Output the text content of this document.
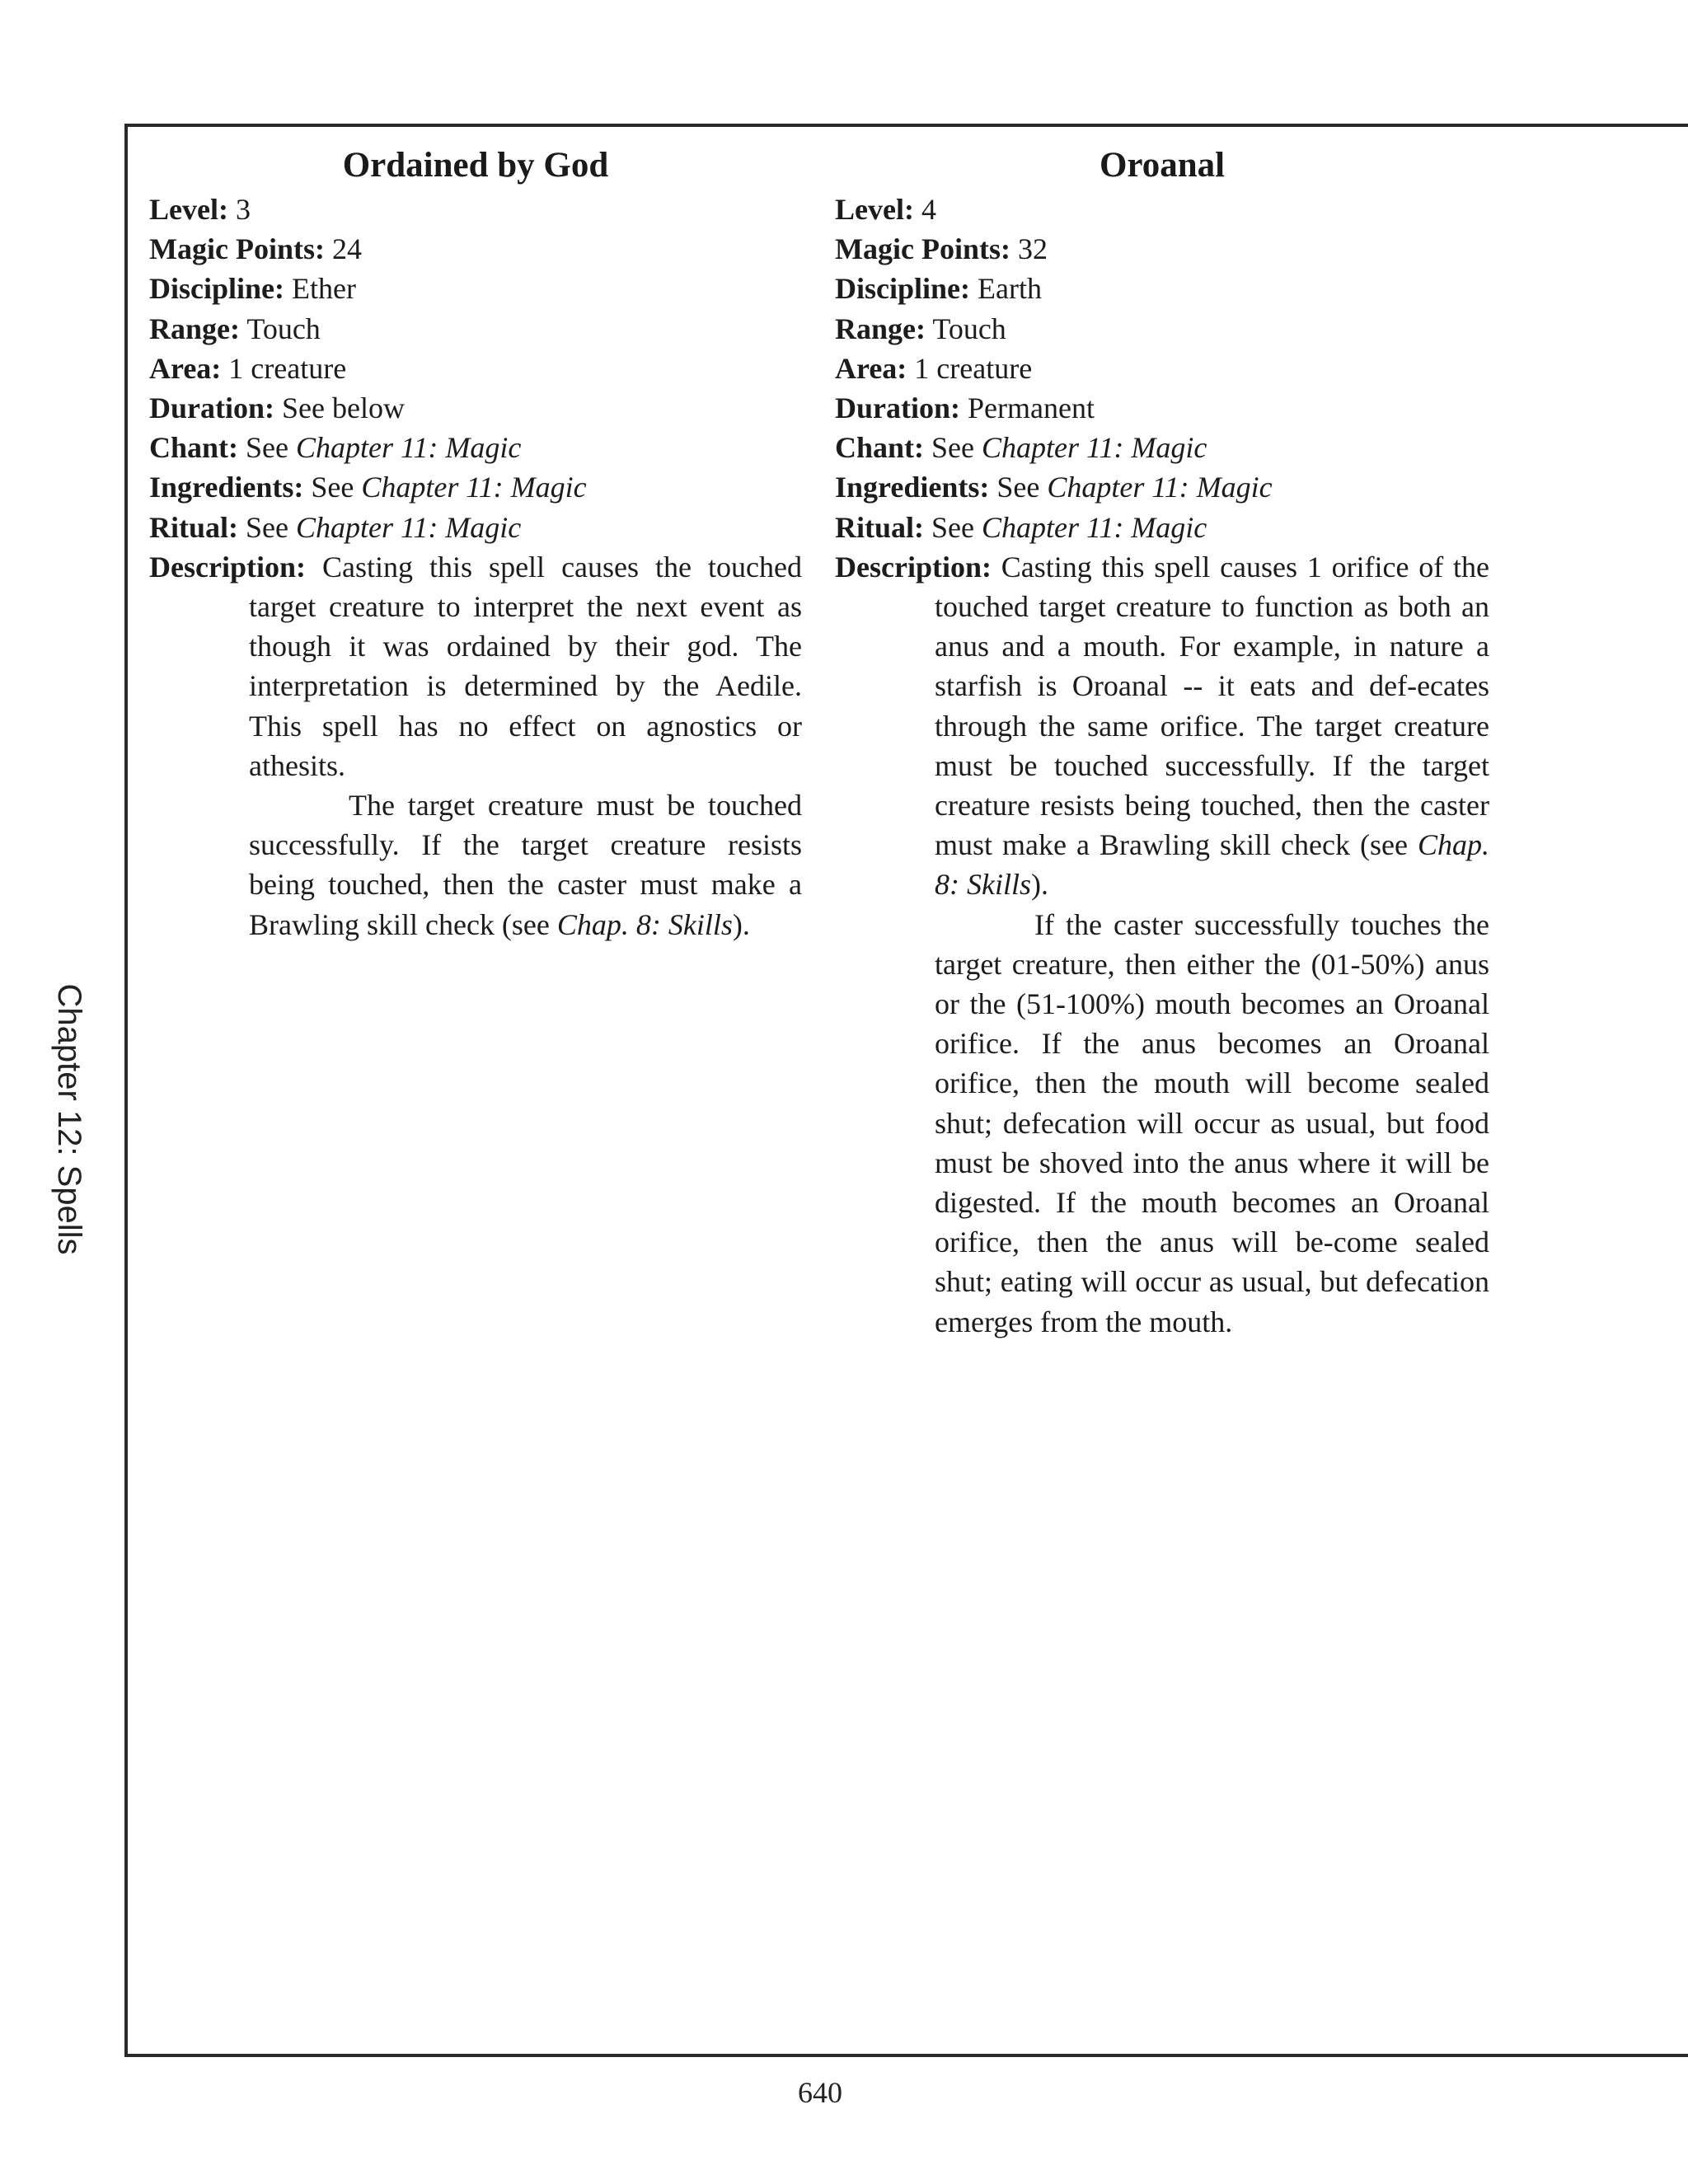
Chapter 12: Spells
Ordained by God
Level: 3
Magic Points: 24
Discipline: Ether
Range: Touch
Area: 1 creature
Duration: See below
Chant: See Chapter 11: Magic
Ingredients: See Chapter 11: Magic
Ritual: See Chapter 11: Magic

Description: Casting this spell causes the touched target creature to interpret the next event as though it was ordained by their god. The interpretation is determined by the Aedile. This spell has no effect on agnostics or athesits.

The target creature must be touched successfully. If the target creature resists being touched, then the caster must make a Brawling skill check (see Chap. 8: Skills).

Oroanal
Level: 4
Magic Points: 32
Discipline: Earth
Range: Touch
Area: 1 creature
Duration: Permanent
Chant: See Chapter 11: Magic
Ingredients: See Chapter 11: Magic
Ritual: See Chapter 11: Magic

Description: Casting this spell causes 1 orifice of the touched target creature to function as both an anus and a mouth. For example, in nature a starfish is Oroanal -- it eats and def-ecates through the same orifice. The target creature must be touched successfully. If the target creature resists being touched, then the caster must make a Brawling skill check (see Chap. 8: Skills).

If the caster successfully touches the target creature, then either the (01-50%) anus or the (51-100%) mouth becomes an Oroanal orifice. If the anus becomes an Oroanal orifice, then the mouth will become sealed shut; defecation will occur as usual, but food must be shoved into the anus where it will be digested. If the mouth becomes an Oroanal orifice, then the anus will be-come sealed shut; eating will occur as usual, but defecation emerges from the mouth.

640
